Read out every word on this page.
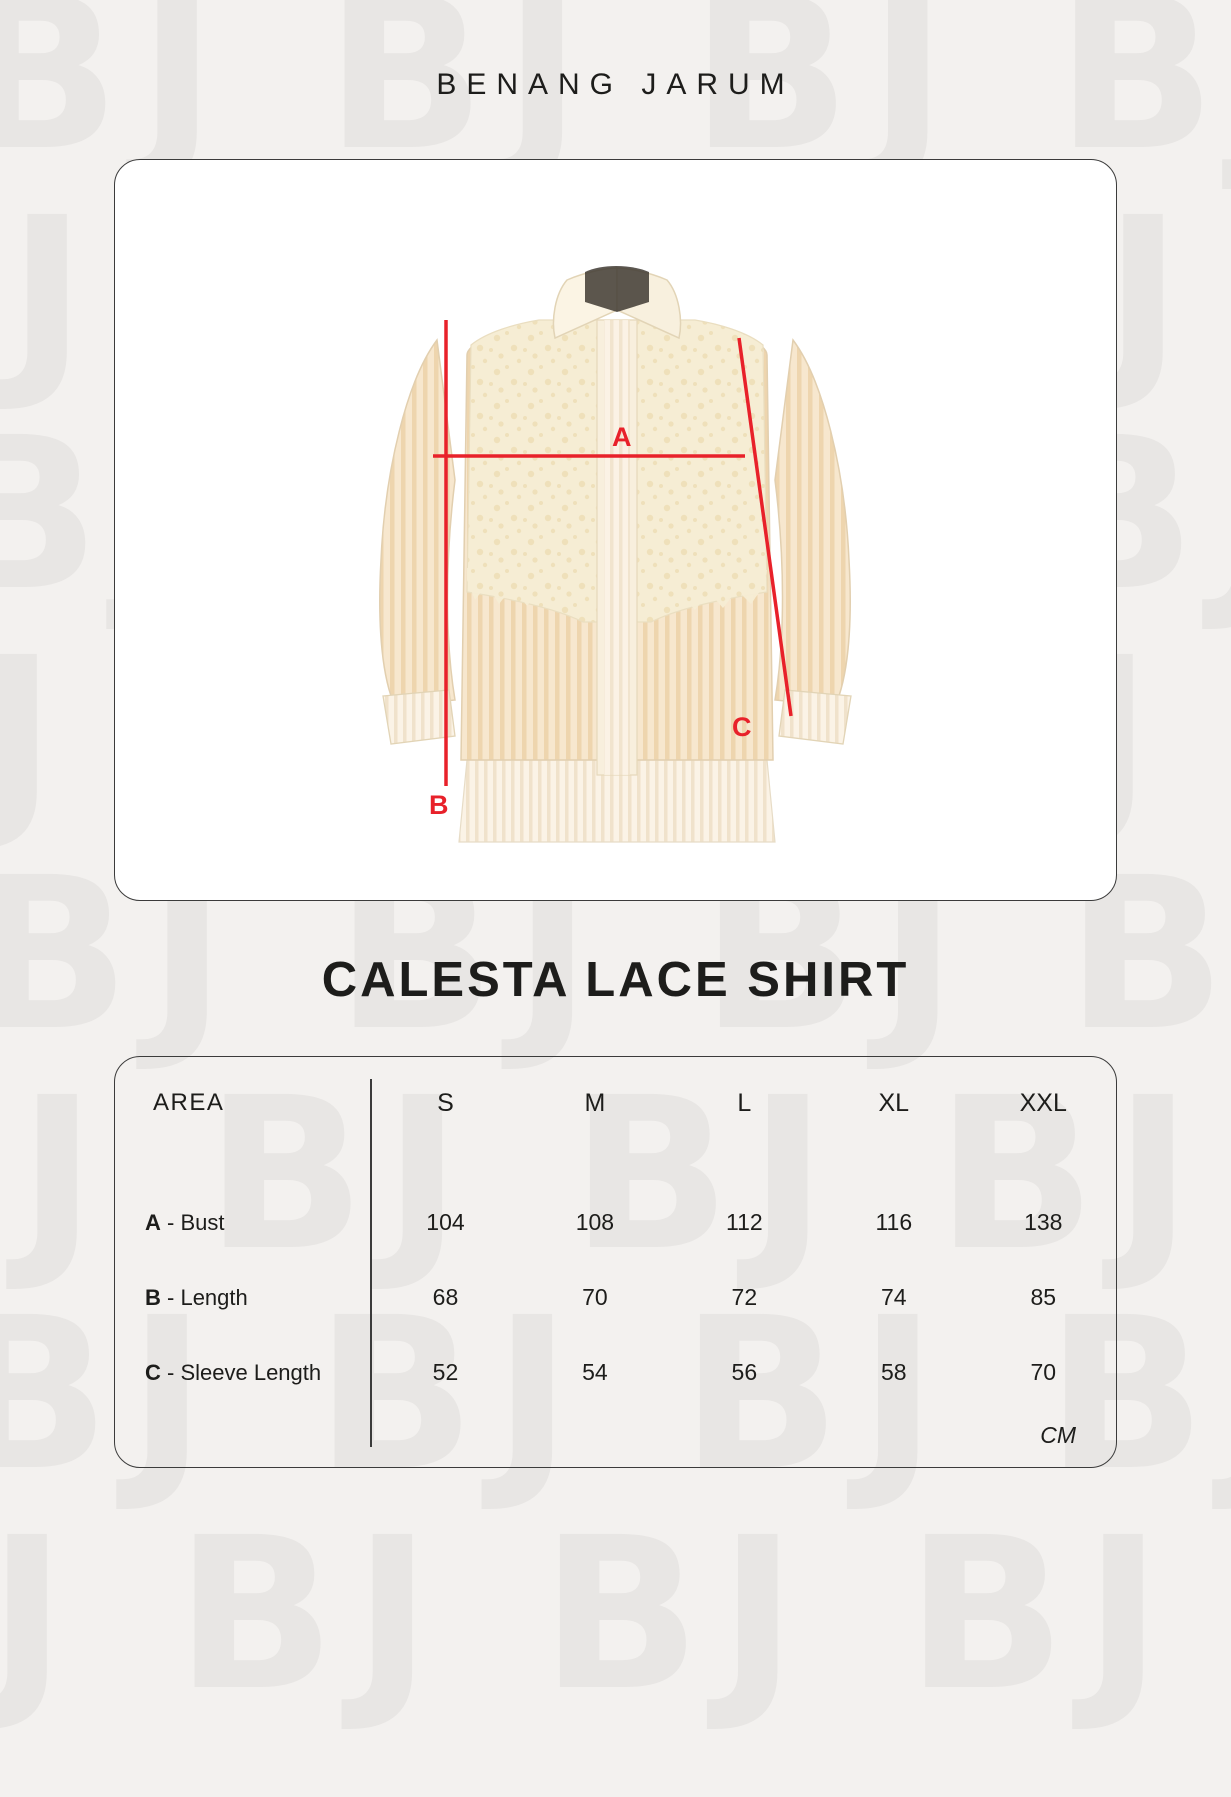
BENANG JARUM
A
B
C
CALESTA LACE SHIRT
AREA	S	M	L	XL	XXL

A - Bust	104	108	112	116	138
B - Length	68	70	72	74	85
C - Sleeve Length	52	54	56	58	70
CM
